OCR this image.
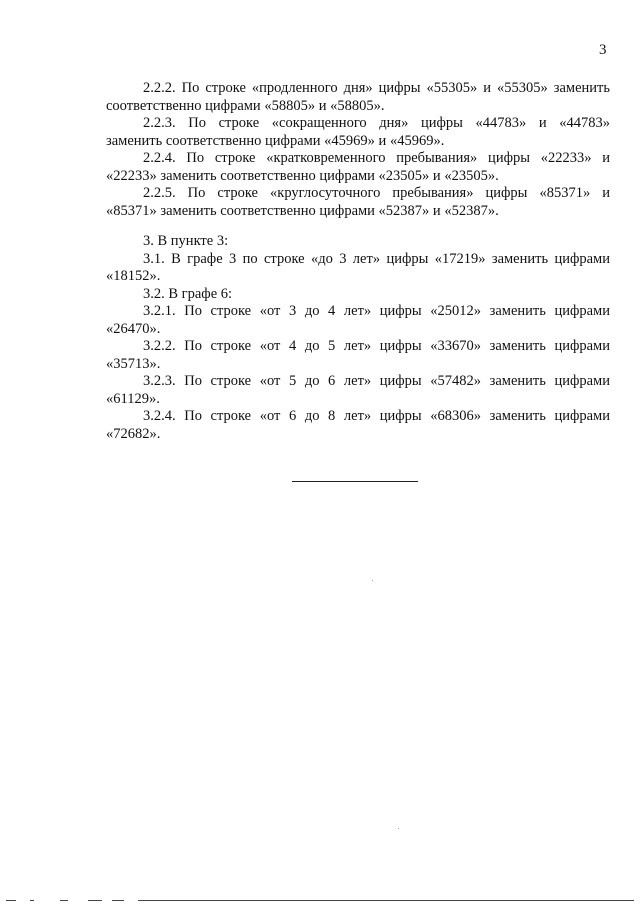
3
2.2.2. По строке «продленного дня» цифры «55305» и «55305» заменить
соответственно цифрами «58805» и «58805».
2.2.3. По строке «сокращенного дня» цифры «44783» и «44783»
заменить соответственно цифрами «45969» и «45969».
2.2.4. По строке «кратковременного пребывания» цифры «22233» и
«22233» заменить соответственно цифрами «23505» и «23505».
2.2.5. По строке «круглосуточного пребывания» цифры «85371» и
«85371» заменить соответственно цифрами «52387» и «52387».
3. В пункте 3:
3.1. В графе 3 по строке «до 3 лет» цифры «17219» заменить цифрами
«18152».
3.2. В графе 6:
3.2.1. По строке «от 3 до 4 лет» цифры «25012» заменить цифрами
«26470».
3.2.2. По строке «от 4 до 5 лет» цифры «33670» заменить цифрами
«35713».
3.2.3. По строке «от 5 до 6 лет» цифры «57482» заменить цифрами
«61129».
3.2.4. По строке «от 6 до 8 лет» цифры «68306» заменить цифрами
«72682».
